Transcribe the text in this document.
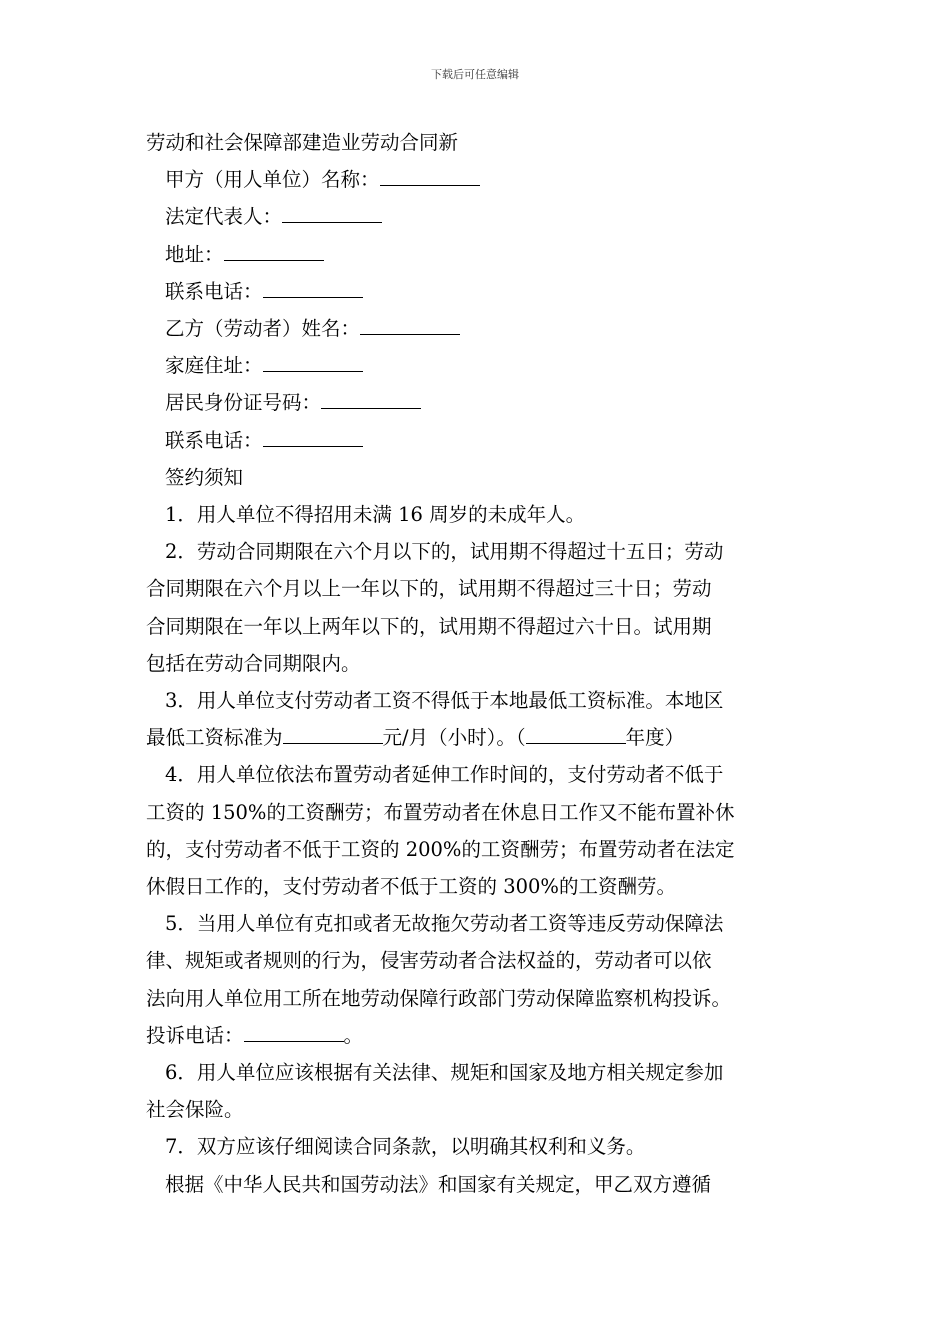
下载后可任意编辑

劳动和社会保障部建造业劳动合同新

甲方（用人单位）名称：

法定代表人：

地址：

联系电话：

乙方（劳动者）姓名：

家庭住址：

居民身份证号码：

联系电话：

签约须知

1．用人单位不得招用未满 16 周岁的未成年人。

2．劳动合同期限在六个月以下的，试用期不得超过十五日；劳动

合同期限在六个月以上一年以下的，试用期不得超过三十日；劳动

合同期限在一年以上两年以下的，试用期不得超过六十日。试用期

包括在劳动合同期限内。

3．用人单位支付劳动者工资不得低于本地最低工资标准。本地区

最低工资标准为	元/月（小时）。（	年度）

4．用人单位依法布置劳动者延伸工作时间的，支付劳动者不低于

工资的 150%的工资酬劳；布置劳动者在休息日工作又不能布置补休

的，支付劳动者不低于工资的 200%的工资酬劳；布置劳动者在法定

休假日工作的，支付劳动者不低于工资的 300%的工资酬劳。

5．当用人单位有克扣或者无故拖欠劳动者工资等违反劳动保障法

律、规矩或者规则的行为，侵害劳动者合法权益的，劳动者可以依

法向用人单位用工所在地劳动保障行政部门劳动保障监察机构投诉。

投诉电话：	。

6．用人单位应该根据有关法律、规矩和国家及地方相关规定参加

社会保险。

7．双方应该仔细阅读合同条款，以明确其权利和义务。

根据《中华人民共和国劳动法》和国家有关规定，甲乙双方遵循
